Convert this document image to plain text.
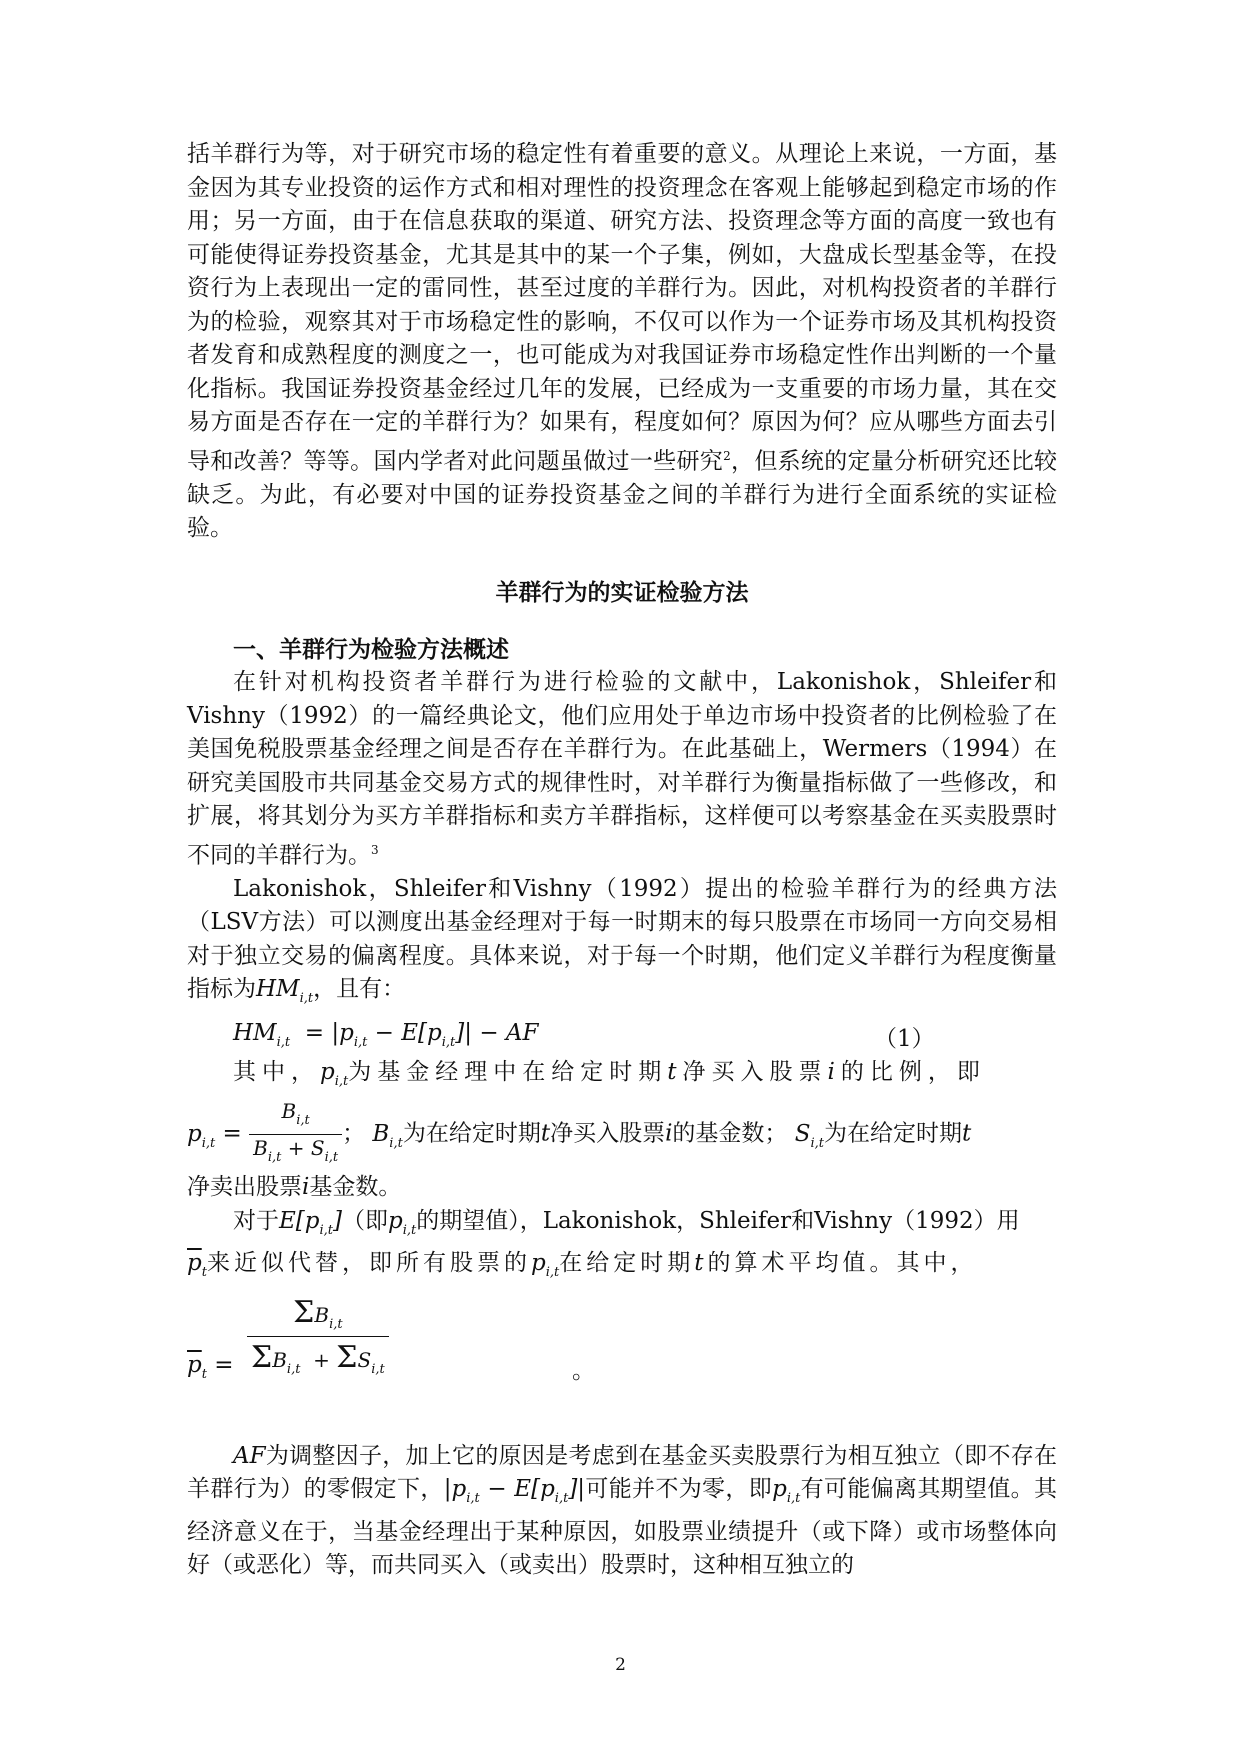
括羊群行为等，对于研究市场的稳定性有着重要的意义。从理论上来说，一方面，基金因为其专业投资的运作方式和相对理性的投资理念在客观上能够起到稳定市场的作用；另一方面，由于在信息获取的渠道、研究方法、投资理念等方面的高度一致也有可能使得证券投资基金，尤其是其中的某一个子集，例如，大盘成长型基金等，在投资行为上表现出一定的雷同性，甚至过度的羊群行为。因此，对机构投资者的羊群行为的检验，观察其对于市场稳定性的影响，不仅可以作为一个证券市场及其机构投资者发育和成熟程度的测度之一，也可能成为对我国证券市场稳定性作出判断的一个量化指标。我国证券投资基金经过几年的发展，已经成为一支重要的市场力量，其在交易方面是否存在一定的羊群行为？如果有，程度如何？原因为何？应从哪些方面去引导和改善？等等。国内学者对此问题虽做过一些研究$^2$，但系统的定量分析研究还比较缺乏。为此，有必要对中国的证券投资基金之间的羊群行为进行全面系统的实证检验。

羊群行为的实证检验方法
一、羊群行为检验方法概述

在针对机构投资者羊群行为进行检验的文献中，Lakonishok，Shleifer和Vishny（1992）的一篇经典论文，他们应用处于单边市场中投资者的比例检验了在美国免税股票基金经理之间是否存在羊群行为。在此基础上，Wermers（1994）在研究美国股市共同基金交易方式的规律性时，对羊群行为衡量指标做了一些修改，和扩展，将其划分为买方羊群指标和卖方羊群指标，这样便可以考察基金在买卖股票时不同的羊群行为。$^3$

Lakonishok，Shleifer和Vishny（1992）提出的检验羊群行为的经典方法（LSV方法）可以测度出基金经理对于每一时期末的每只股票在市场同一方向交易相对于独立交易的偏离程度。具体来说，对于每一个时期，他们定义羊群行为程度衡量指标为$HM_{i,t}$，且有：

$HM_{i,t} = |p_{i,t} - E[p_{i,t}]|$ − AF	（1）

其中，$p_{i,t}$为基金经理中在给定时期t净买入股票i的比例，即

$p_{i,t} = \frac{B_{i,t}}{B_{i,t} + S_{i,t}}$ ； $B_{i,t}$为在给定时期t净买入股票i的基金数； $S_{i,t}$为在给定时期t

净卖出股票i基金数。

对于$E[p_{i,t}]$（即$p_{i,t}$的期望值），Lakonishok，Shleifer和Vishny（1992）用

$\overline{p}_t$来近似代替，即所有股票的$p_{i,t}$在给定时期t的算术平均值。其中，

$\overline{p}_t$ =
$\Sigma B_{i,t}$
$\Sigma B_{i,t} + \Sigma S_{i,t}$	。

AF为调整因子，加上它的原因是考虑到在基金买卖股票行为相互独立（即不存在羊群行为）的零假定下，$|p_{i,t} - E[p_{i,t}]|$可能并不为零，即$p_{i,t}$有可能偏离其期望值。其经济意义在于，当基金经理出于某种原因，如股票业绩提升（或下降）或市场整体向好（或恶化）等，而共同买入（或卖出）股票时，这种相互独立的

2
